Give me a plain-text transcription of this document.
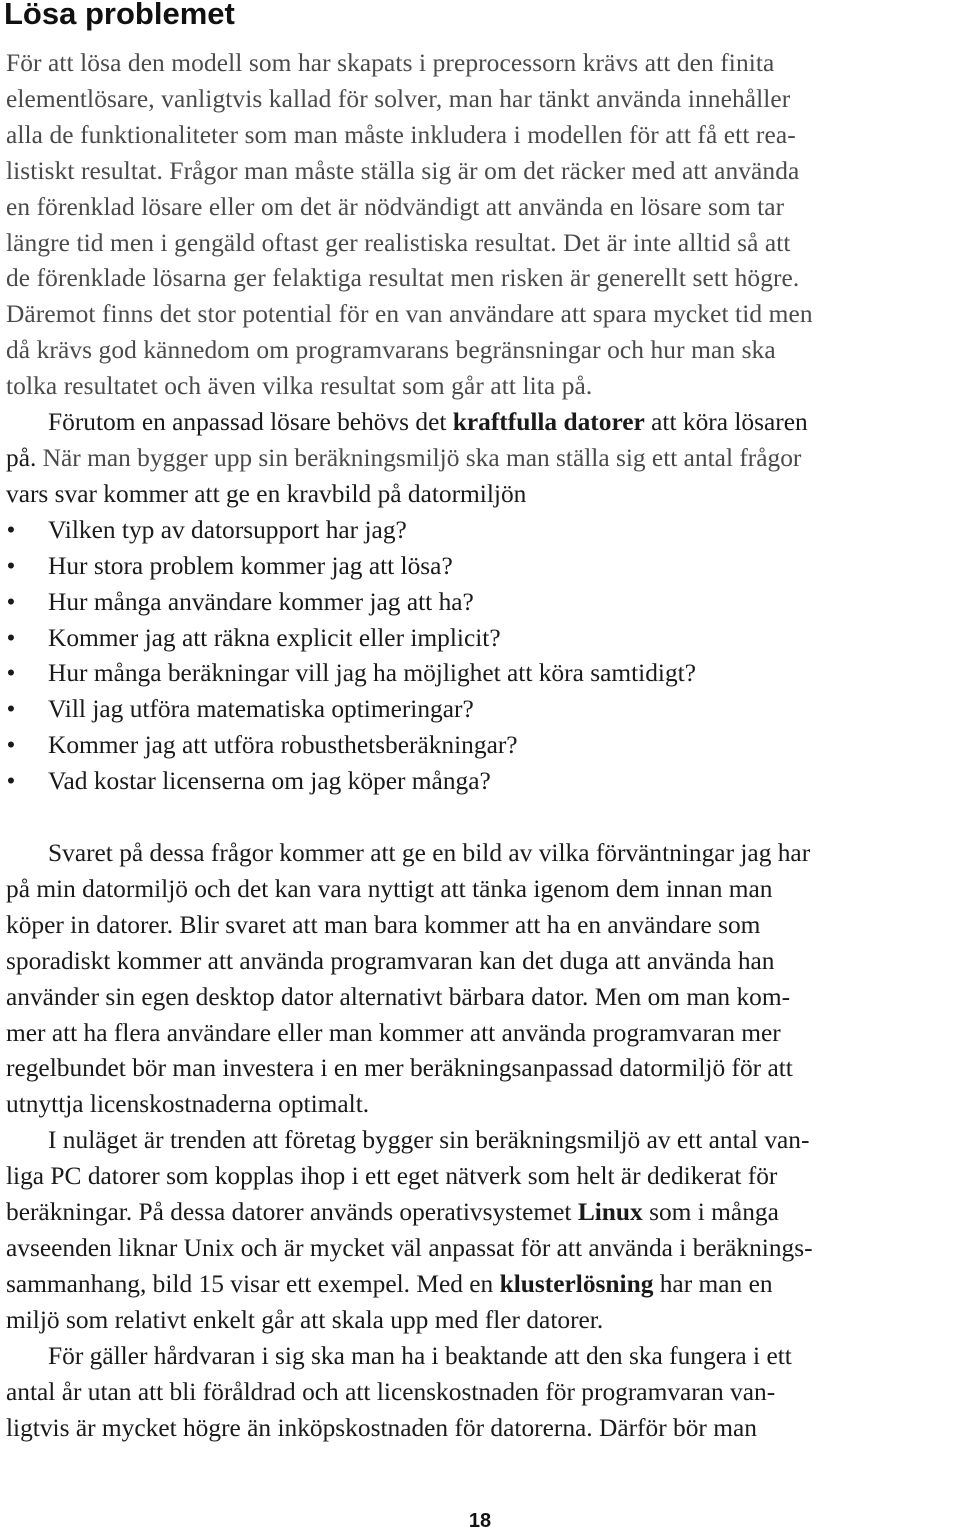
Lösa problemet

För att lösa den modell som har skapats i preprocessorn krävs att den finita
elementlösare, vanligtvis kallad för solver, man har tänkt använda innehåller
alla de funktionaliteter som man måste inkludera i modellen för att få ett rea-
listiskt resultat. Frågor man måste ställa sig är om det räcker med att använda
en förenklad lösare eller om det är nödvändigt att använda en lösare som tar
längre tid men i gengäld oftast ger realistiska resultat. Det är inte alltid så att
de förenklade lösarna ger felaktiga resultat men risken är generellt sett högre.
Däremot finns det stor potential för en van användare att spara mycket tid men
då krävs god kännedom om programvarans begränsningar och hur man ska
tolka resultatet och även vilka resultat som går att lita på.

Förutom en anpassad lösare behövs det kraftfulla datorer att köra lösaren
på. När man bygger upp sin beräkningsmiljö ska man ställa sig ett antal frågor
vars svar kommer att ge en kravbild på datormiljön

• Vilken typ av datorsupport har jag?
• Hur stora problem kommer jag att lösa?
• Hur många användare kommer jag att ha?
• Kommer jag att räkna explicit eller implicit?
• Hur många beräkningar vill jag ha möjlighet att köra samtidigt?
• Vill jag utföra matematiska optimeringar?
• Kommer jag att utföra robusthetsberäkningar?
• Vad kostar licenserna om jag köper många?

Svaret på dessa frågor kommer att ge en bild av vilka förväntningar jag har
på min datormiljö och det kan vara nyttigt att tänka igenom dem innan man
köper in datorer. Blir svaret att man bara kommer att ha en användare som
sporadiskt kommer att använda programvaran kan det duga att använda han
använder sin egen desktop dator alternativt bärbara dator. Men om man kom-
mer att ha flera användare eller man kommer att använda programvaran mer
regelbundet bör man investera i en mer beräkningsanpassad datormiljö för att
utnyttja licenskostnaderna optimalt.

I nuläget är trenden att företag bygger sin beräkningsmiljö av ett antal van-
liga PC datorer som kopplas ihop i ett eget nätverk som helt är dedikerat för
beräkningar. På dessa datorer används operativsystemet Linux som i många
avseenden liknar Unix och är mycket väl anpassat för att använda i beräknings-
sammanhang, bild 15 visar ett exempel. Med en klusterlösning har man en
miljö som relativt enkelt går att skala upp med fler datorer.

För gäller hårdvaran i sig ska man ha i beaktande att den ska fungera i ett
antal år utan att bli föråldrad och att licenskostnaden för programvaran van-
ligtvis är mycket högre än inköpskostnaden för datorerna. Därför bör man

18
